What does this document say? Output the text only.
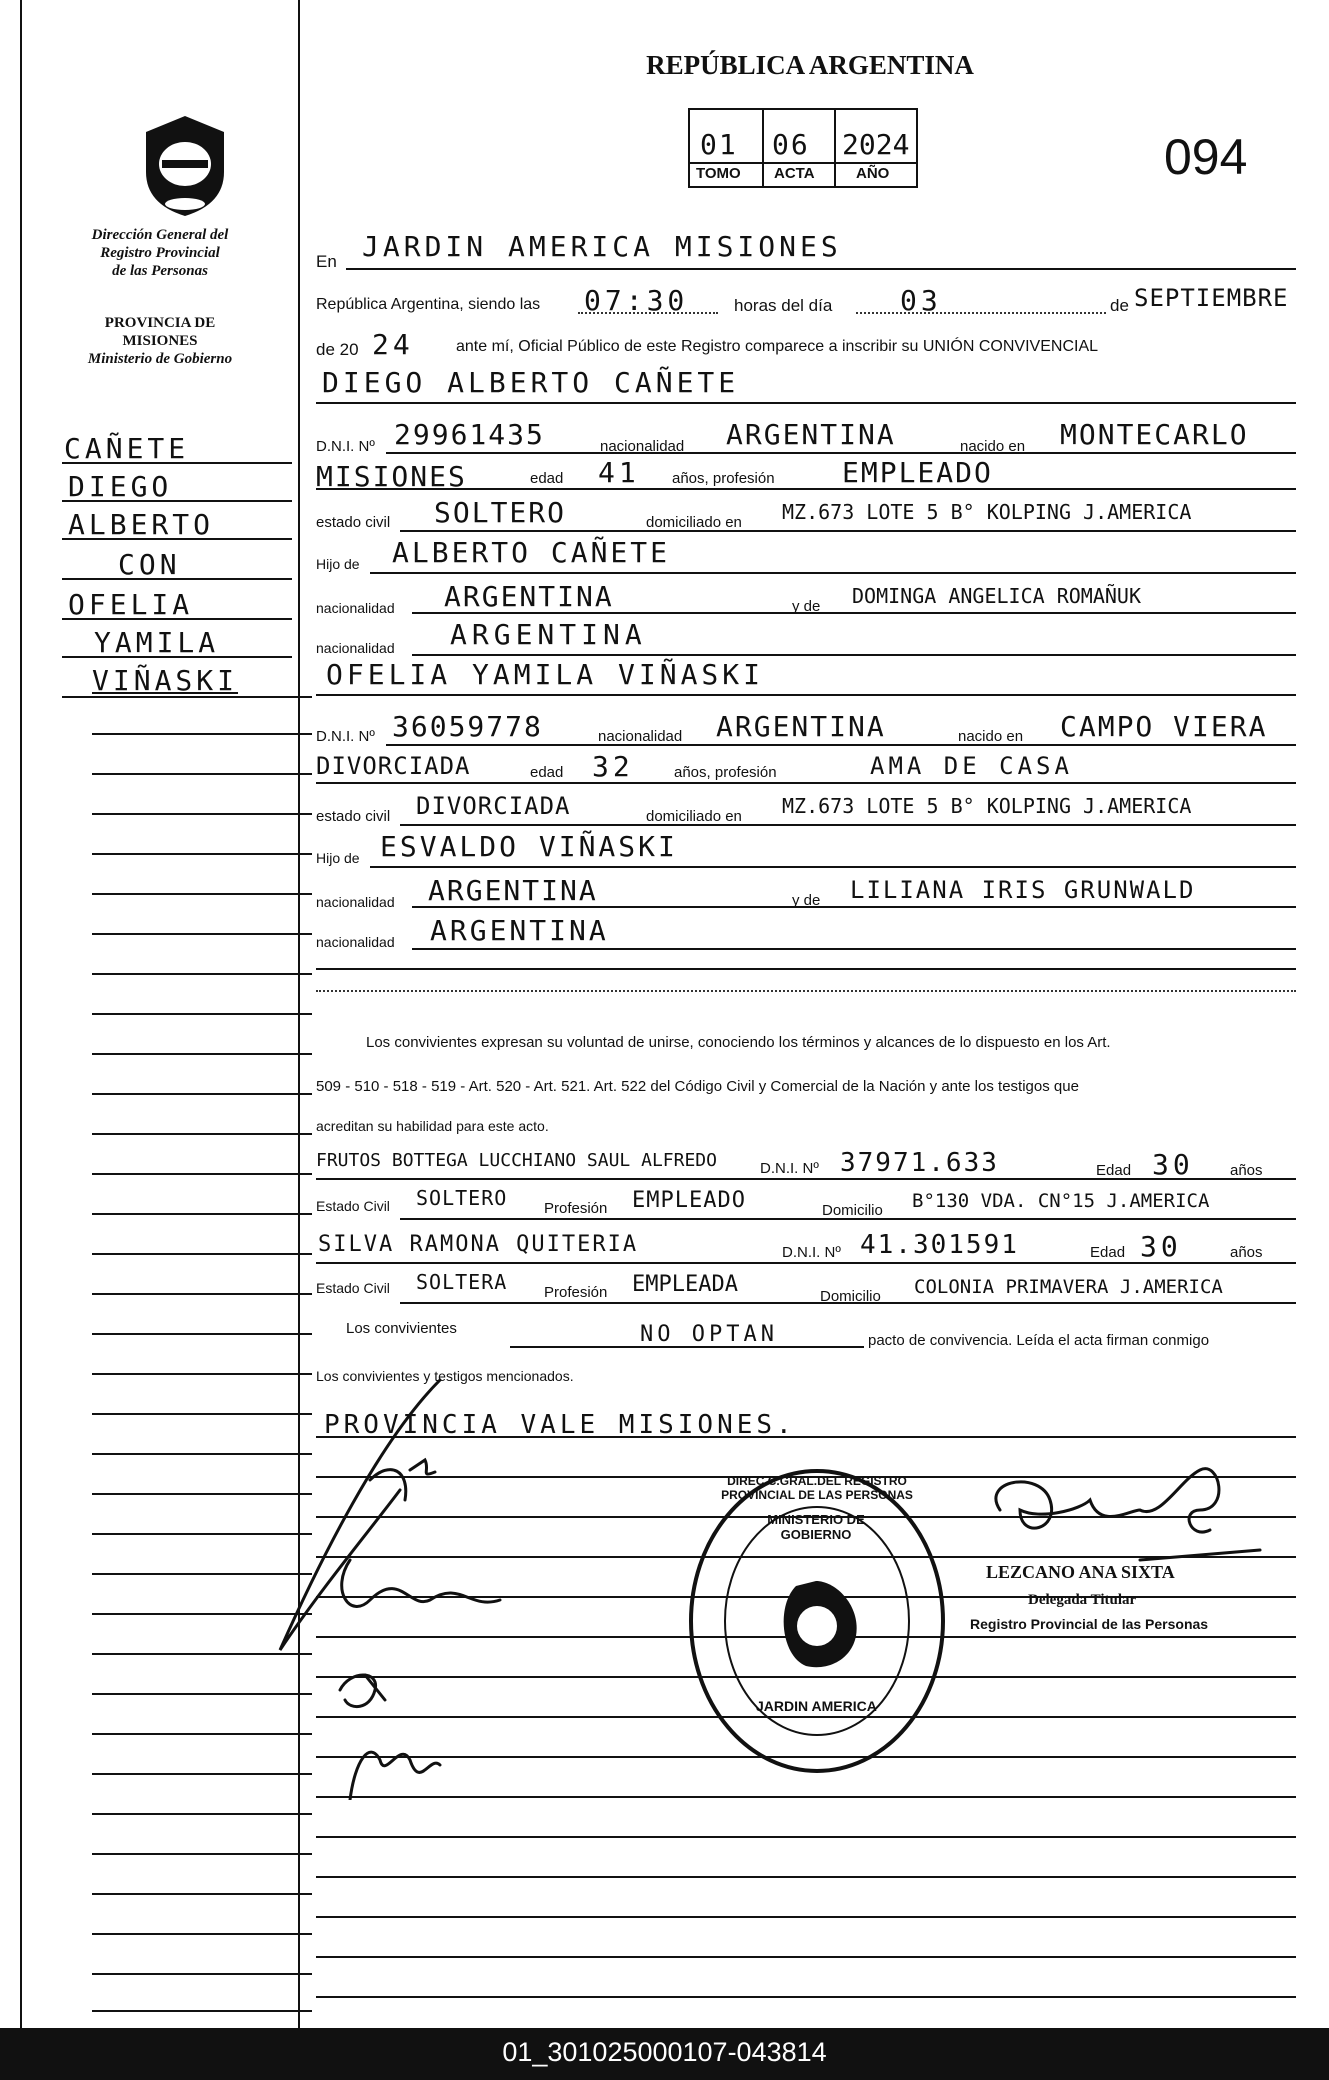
Dirección General del
Registro Provincial
de las Personas
PROVINCIA DE
MISIONES
Ministerio de Gobierno
CAÑETE
DIEGO
ALBERTO
CON
OFELIA
YAMILA
VIÑASKI
REPÚBLICA ARGENTINA
01 06 2024
TOMO ACTA	AÑO	094
En JARDIN AMERICA MISIONES
República Argentina, siendo las 07:30	horas del día 03	de SEPTIEMBRE
de 20 24	ante mí, Oficial Público de este Registro comparece a inscribir su UNIÓN CONVIVENCIAL
DIEGO ALBERTO CAÑETE
D.N.I. Nº 29961435	nacionalidad ARGENTINA	nacido en MONTECARLO
MISIONES	edad 41 años, profesión EMPLEADO
estado civil SOLTERO	domiciliado en MZ.673 LOTE 5 B° KOLPING J.AMERICA
Hijo de ALBERTO CAÑETE
nacionalidad ARGENTINA	y de DOMINGA ANGELICA ROMAÑUK
nacionalidad ARGENTINA
OFELIA YAMILA VIÑASKI
D.N.I. Nº 36059778	nacionalidad ARGENTINA	nacido en CAMPO VIERA
DIVORCIADA	edad 32	años, profesión	AMA DE CASA
estado civil DIVORCIADA	domiciliado en MZ.673 LOTE 5 B° KOLPING J.AMERICA
Hijo de ESVALDO VIÑASKI
nacionalidad ARGENTINA	y de LILIANA IRIS GRUNWALD
nacionalidad ARGENTINA
Los convivientes expresan su voluntad de unirse, conociendo los términos y alcances de lo dispuesto en los Art.
509 - 510 - 518 - 519 - Art. 520 - Art. 521. Art. 522 del Código Civil y Comercial de la Nación y ante los testigos que
acreditan su habilidad para este acto.
FRUTOS BOTTEGA LUCCHIANO SAUL ALFREDO	D.N.I. Nº 37971.633	Edad 30 años
Estado Civil SOLTERO Profesión EMPLEADO	Domicilio B°130 VDA. CN°15 J.AMERICA
SILVA RAMONA QUITERIA	D.N.I. Nº 41.301591	Edad 30	años
Estado Civil SOLTERA Profesión EMPLEADA	Domicilio COLONIA PRIMAVERA J.AMERICA
Los convivientes	NO OPTAN	pacto de convivencia. Leída el acta firman conmigo
Los convivientes y testigos mencionados.
PROVINCIA VALE MISIONES.
DIREC.C.GRAL.DEL REGISTRO PROVINCIAL DE LAS PERSONAS
MINISTERIO DE GOBIERNO
JARDIN AMERICA
LEZCANO ANA SIXTA
Delegada Titular
Registro Provincial de las Personas
01_301025000107-043814
